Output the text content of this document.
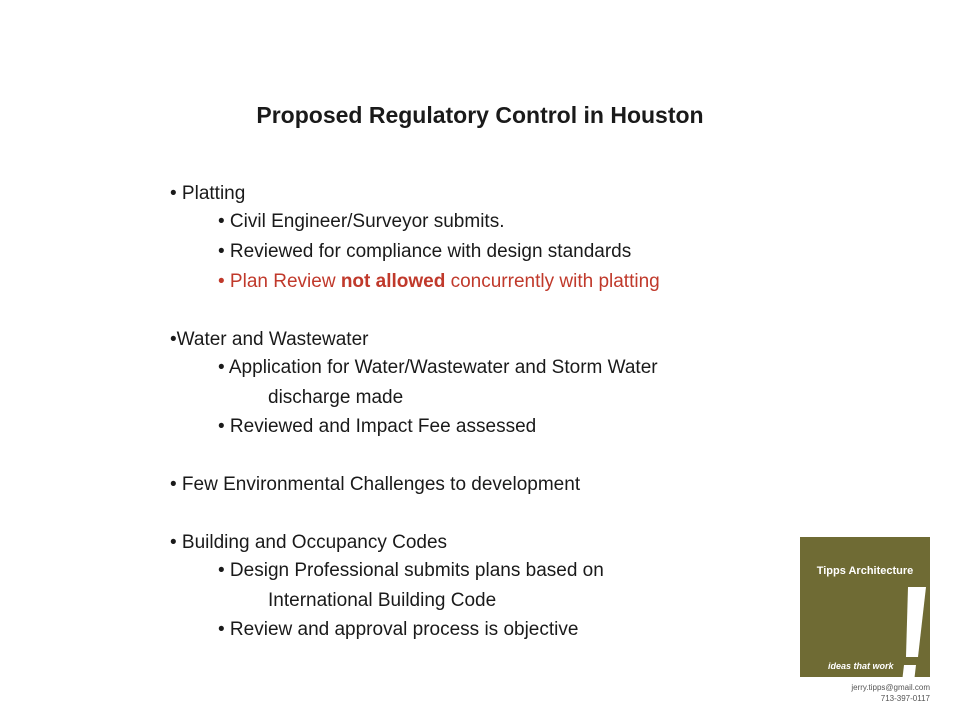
Proposed Regulatory Control in Houston
• Platting
• Civil Engineer/Surveyor submits.
• Reviewed for compliance with design standards
• Plan Review not allowed concurrently with platting
•Water and Wastewater
• Application for Water/Wastewater and Storm Water
discharge made
• Reviewed and Impact Fee assessed
• Few Environmental Challenges to development
• Building and Occupancy Codes
• Design Professional submits plans based on
International Building Code
• Review and approval process is objective
Tipps Architecture
ideas that work
jerry.tipps@gmail.com
713-397-0117
